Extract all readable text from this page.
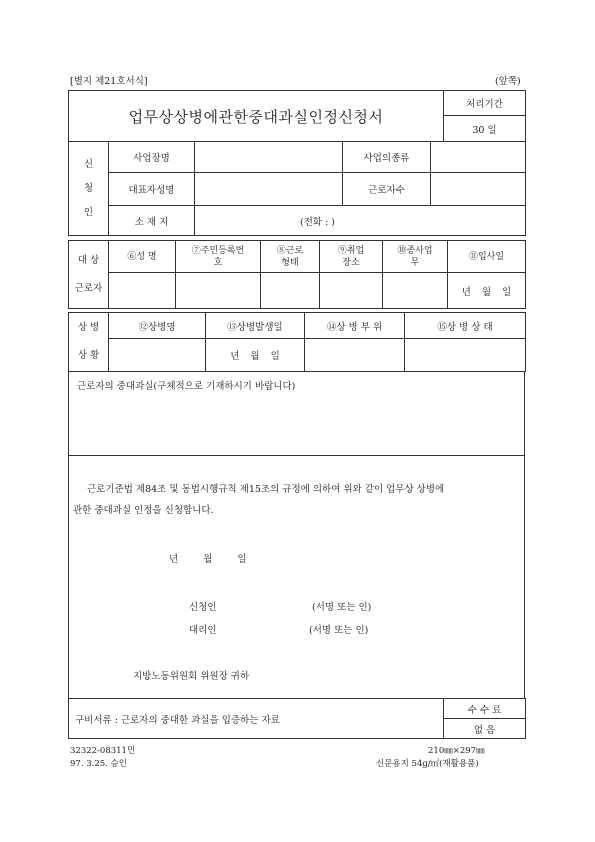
[별지 제21호서식]	(앞쪽)
업무상상병에관한중대과실인정신청서	처리기간
30 일
신
청
인	사업장명		사업의종류	
	대표자성명		근로자수	
	소 재 지	(전화 : )		
대 상
근로자	⑥성 명	⑦주민등록번호	⑧근로형태	⑨취업장소	⑩종사업무	⑪입사일
						년 월 일
상 병
상 황	⑫상병명	⑬상병발생일	⑭상 병 부 위	⑮상 병 상 태
		년 월 일		
근로자의 중대과실(구체적으로 기재하시기 바랍니다)
근로기준법 제84조 및 동법시행규칙 제15조의 규정에 의하여 위와 같이 업무상 상병에
관한 중대과실 인정을 신청합니다.
년 월 일
신청인	(서명 또는 인)
대리인	(서명 또는 인)
지방노동위원회 위원장 귀하
구비서류 : 근로자의 중대한 과실을 입증하는 자료	수 수 료
없 음
32322-08311민
97. 3.25. 승인
210㎜×297㎜
신문용지 54g/㎡(재활용품)
